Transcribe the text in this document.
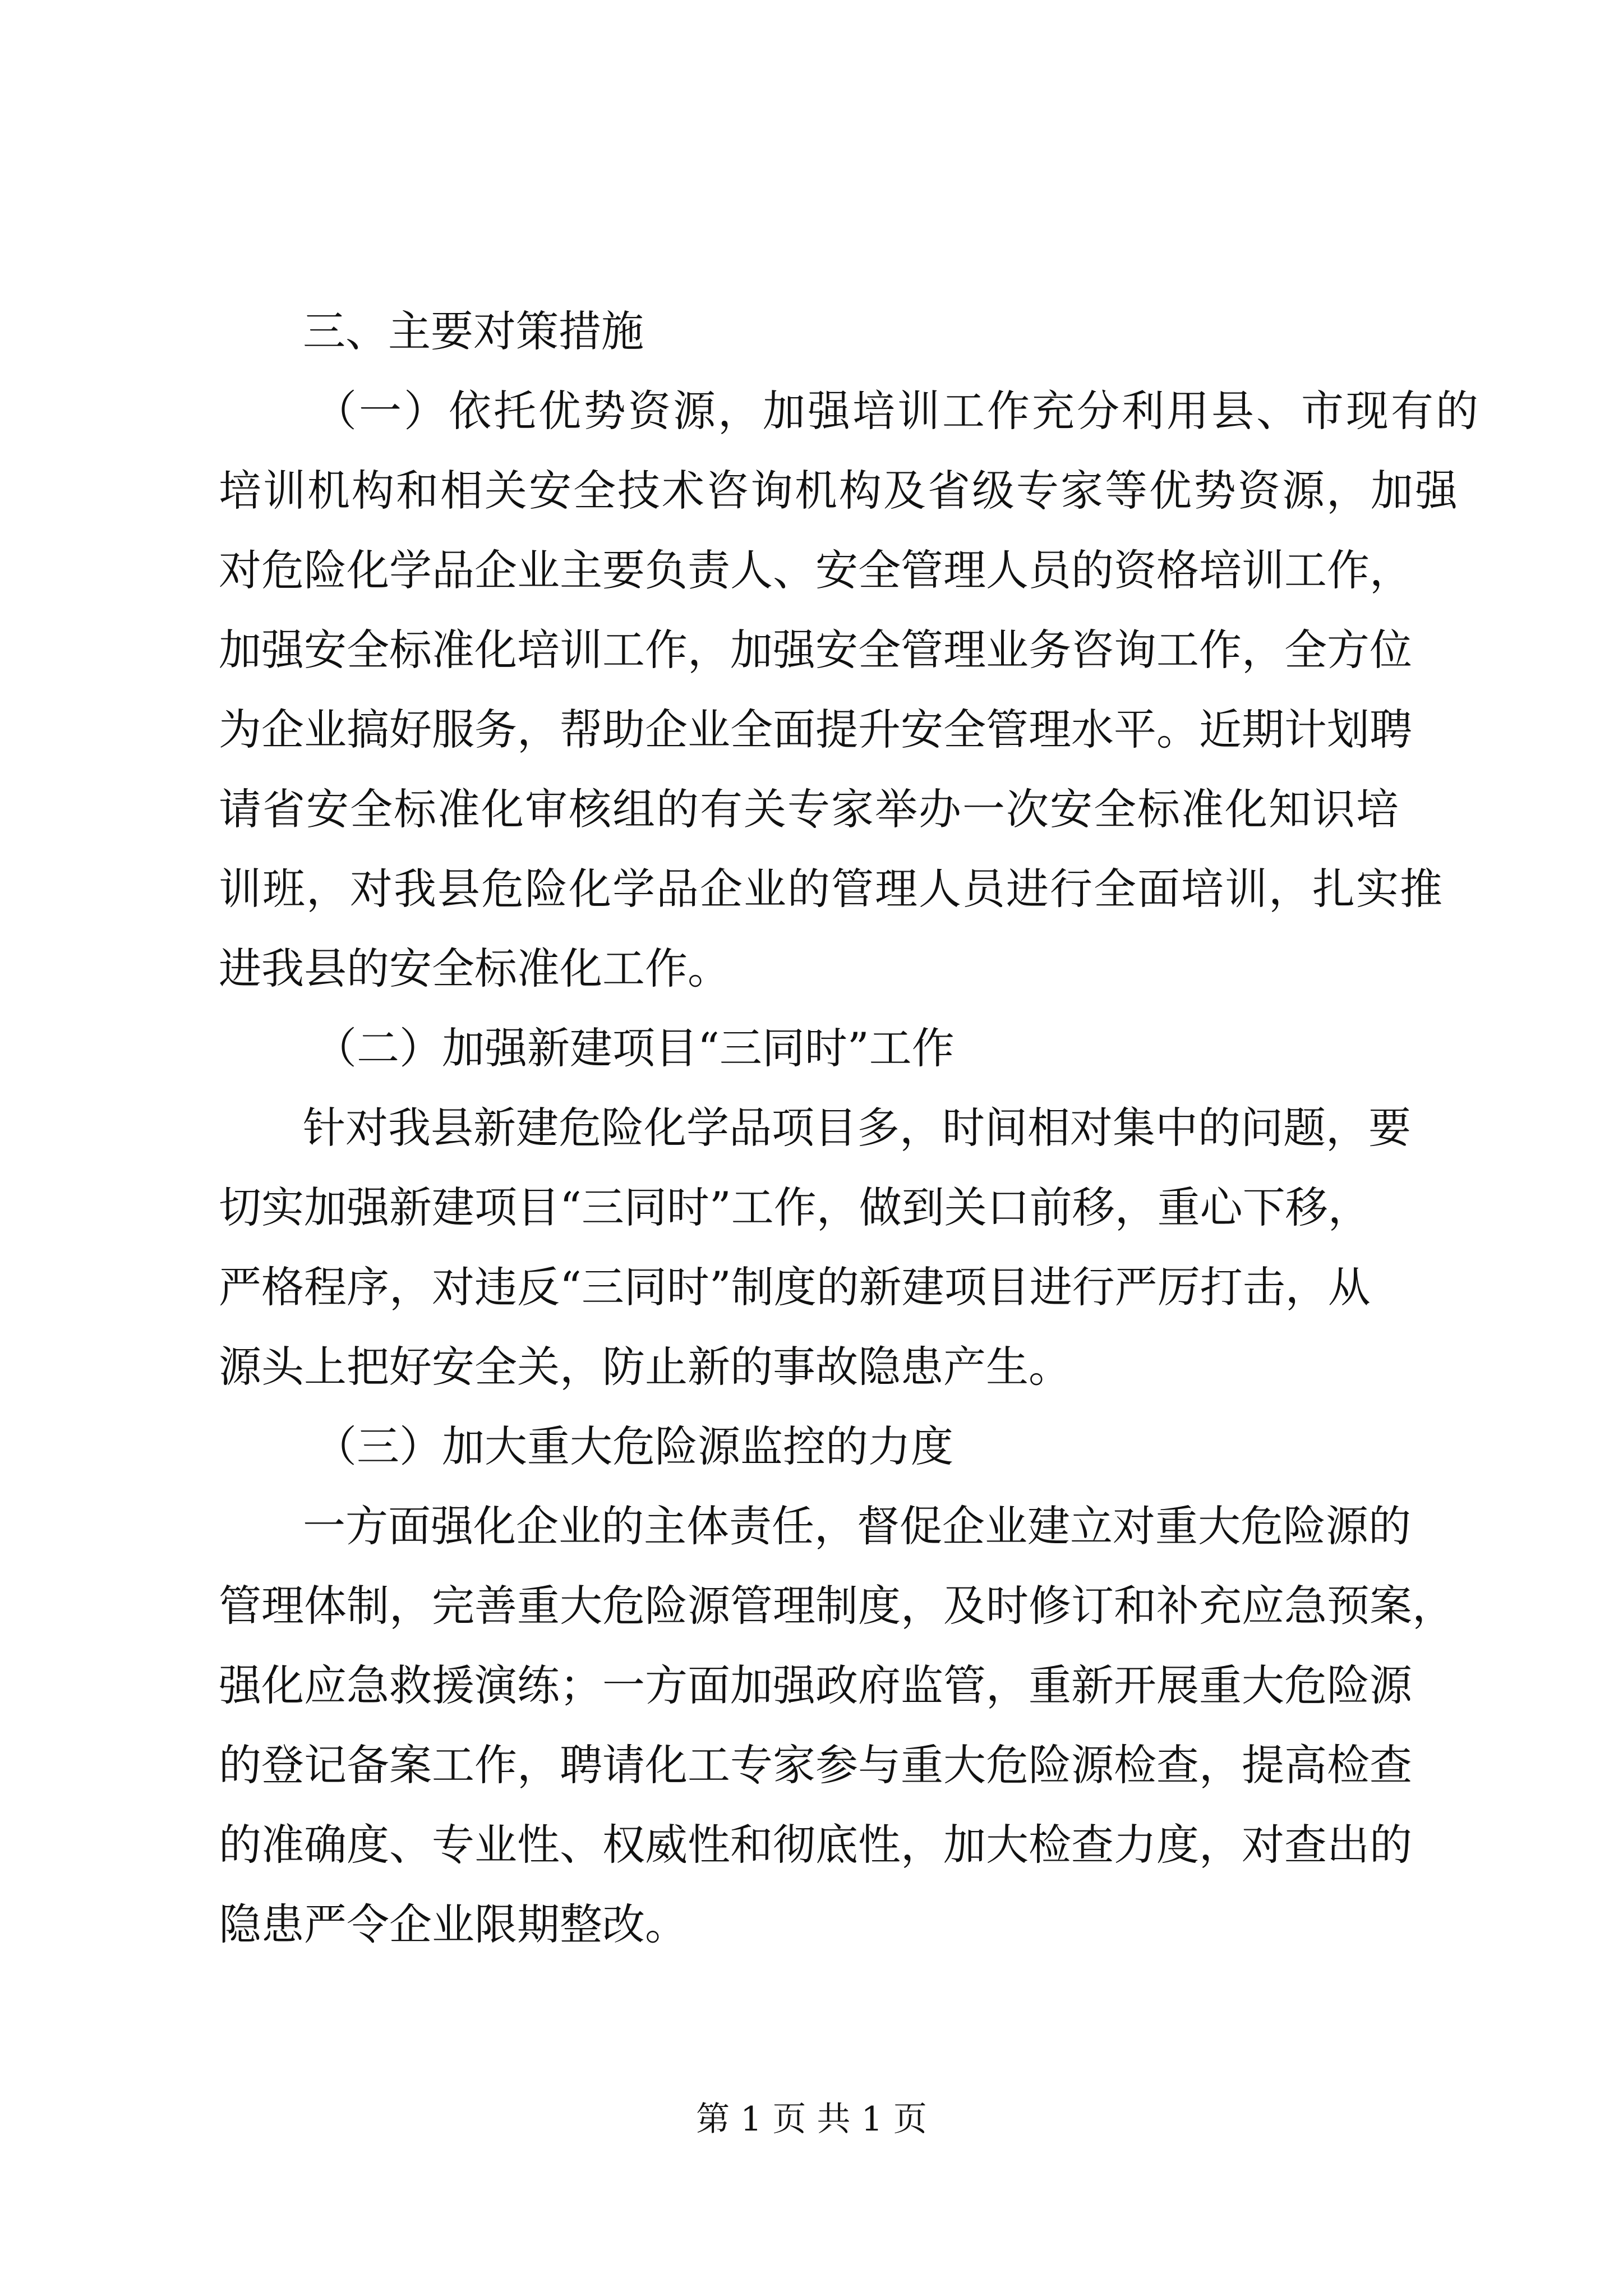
三、主要对策措施
（一）依托优势资源，加强培训工作充分利用县、市现有的
培训机构和相关安全技术咨询机构及省级专家等优势资源，加强
对危险化学品企业主要负责人、安全管理人员的资格培训工作，
加强安全标准化培训工作，加强安全管理业务咨询工作，全方位
为企业搞好服务，帮助企业全面提升安全管理水平。近期计划聘
请省安全标准化审核组的有关专家举办一次安全标准化知识培
训班，对我县危险化学品企业的管理人员进行全面培训，扎实推
进我县的安全标准化工作。
（二）加强新建项目“三同时”工作
针对我县新建危险化学品项目多，时间相对集中的问题，要
切实加强新建项目“三同时”工作，做到关口前移，重心下移，
严格程序，对违反“三同时”制度的新建项目进行严厉打击，从
源头上把好安全关，防止新的事故隐患产生。
（三）加大重大危险源监控的力度
一方面强化企业的主体责任，督促企业建立对重大危险源的
管理体制，完善重大危险源管理制度，及时修订和补充应急预案，
强化应急救援演练；一方面加强政府监管，重新开展重大危险源
的登记备案工作，聘请化工专家参与重大危险源检查，提高检查
的准确度、专业性、权威性和彻底性，加大检查力度，对查出的
隐患严令企业限期整改。
第 1 页 共 1 页
